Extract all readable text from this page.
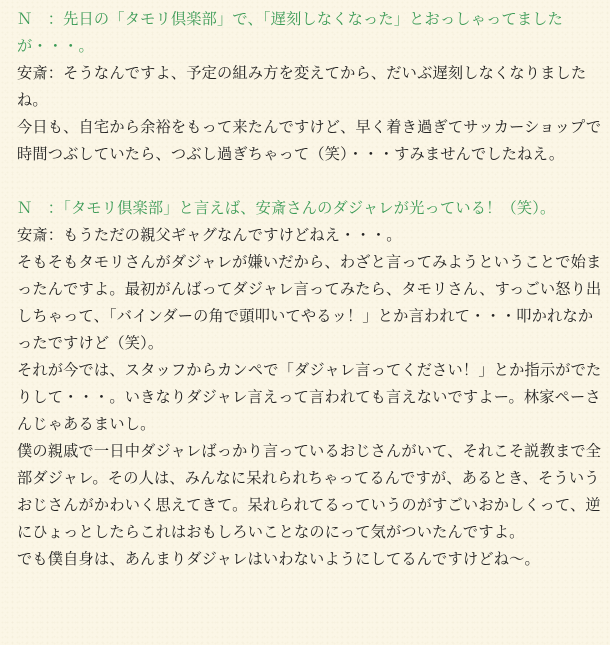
Ｎ　：先日の「タモリ倶楽部」で、「遅刻しなくなった」とおっしゃってましたが・・・。

安斎：そうなんですよ、予定の組み方を変えてから、だいぶ遅刻しなくなりましたね。

今日も、自宅から余裕をもって来たんですけど、早く着き過ぎてサッカーショップで時間つぶしていたら、つぶし過ぎちゃって（笑）・・・すみませんでしたねえ。

Ｎ　：「タモリ倶楽部」と言えば、安斎さんのダジャレが光っている！（笑）。

安斎：もうただの親父ギャグなんですけどねえ・・・。

そもそもタモリさんがダジャレが嫌いだから、わざと言ってみようということで始まったんですよ。最初がんばってダジャレ言ってみたら、タモリさん、すっごい怒り出しちゃって、「バインダーの角で頭叩いてやるッ！」とか言われて・・・叩かれなかったですけど（笑）。

それが今では、スタッフからカンペで「ダジャレ言ってください！」とか指示がでたりして・・・。いきなりダジャレ言えって言われても言えないですよー。林家ペーさんじゃあるまいし。

僕の親戚で一日中ダジャレばっかり言っているおじさんがいて、それこそ説教まで全部ダジャレ。その人は、みんなに呆れられちゃってるんですが、あるとき、そういうおじさんがかわいく思えてきて。呆れられてるっていうのがすごいおかしくって、逆にひょっとしたらこれはおもしろいことなのにって気がついたんですよ。

でも僕自身は、あんまりダジャレはいわないようにしてるんですけどね〜。
